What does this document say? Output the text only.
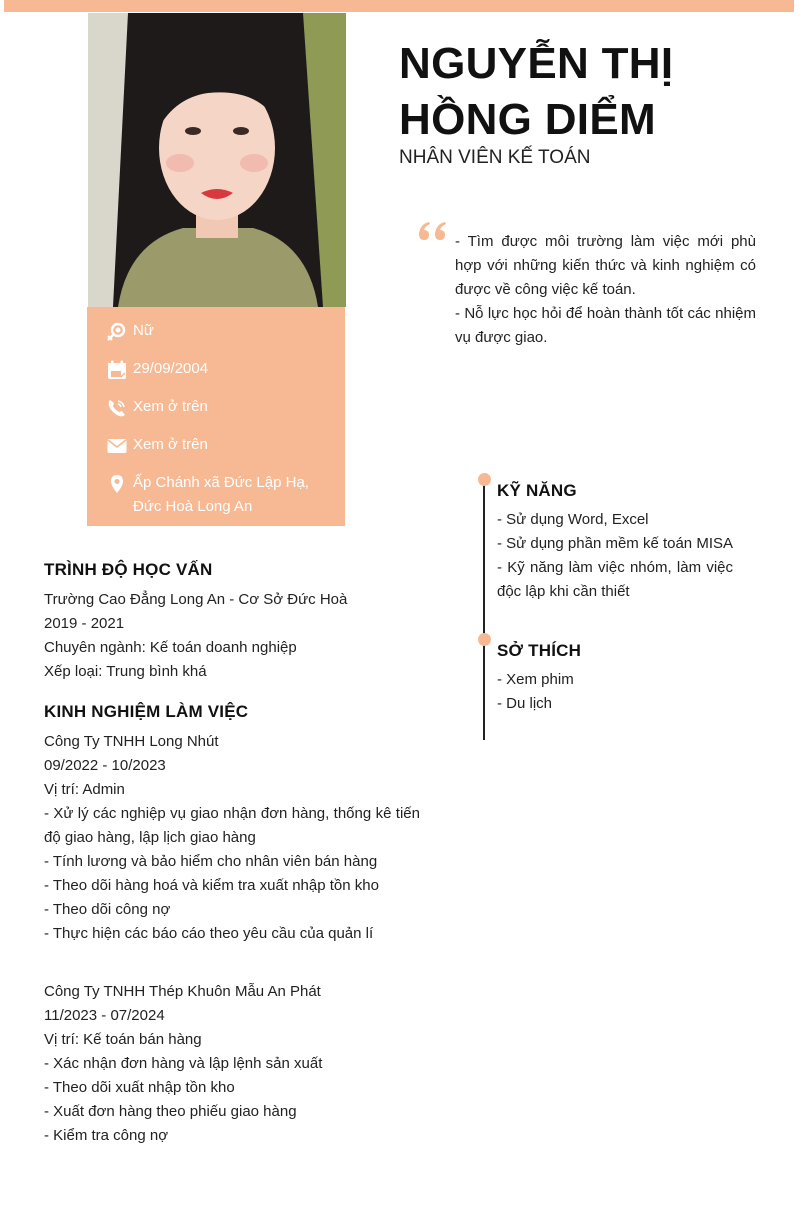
Nữ
29/09/2004
Xem ở trên
Xem ở trên
Ấp Chánh xã Đức Lập Hạ, Đức Hoà Long An
NGUYỄN THỊ
HỒNG DIỂM
NHÂN VIÊN KẾ TOÁN

- Tìm được môi trường làm việc mới phù hợp với những kiến thức và kinh nghiệm có được về công việc kế toán.

- Nỗ lực học hỏi để hoàn thành tốt các nhiệm vụ được giao.

KỸ NĂNG

- Sử dụng Word, Excel

- Sử dụng phần mềm kế toán MISA

- Kỹ năng làm việc nhóm, làm việc độc lập khi cần thiết

SỞ THÍCH

- Xem phim

- Du lịch

TRÌNH ĐỘ HỌC VẤN

Trường Cao Đẳng Long An - Cơ Sở Đức Hoà

2019 - 2021

Chuyên ngành: Kế toán doanh nghiệp

Xếp loại: Trung bình khá

KINH NGHIỆM LÀM VIỆC

Công Ty TNHH Long Nhút

09/2022 - 10/2023

Vị trí: Admin

- Xử lý các nghiệp vụ giao nhận đơn hàng, thống kê tiến độ giao hàng, lập lịch giao hàng

- Tính lương và bảo hiểm cho nhân viên bán hàng

- Theo dõi hàng hoá và kiểm tra xuất nhập tồn kho

- Theo dõi công nợ

- Thực hiện các báo cáo theo yêu cầu của quản lí

Công Ty TNHH Thép Khuôn Mẫu An Phát

11/2023 - 07/2024

Vị trí: Kế toán bán hàng

- Xác nhận đơn hàng và lập lệnh sản xuất

- Theo dõi xuất nhập tồn kho

- Xuất đơn hàng theo phiếu giao hàng

- Kiểm tra công nợ
